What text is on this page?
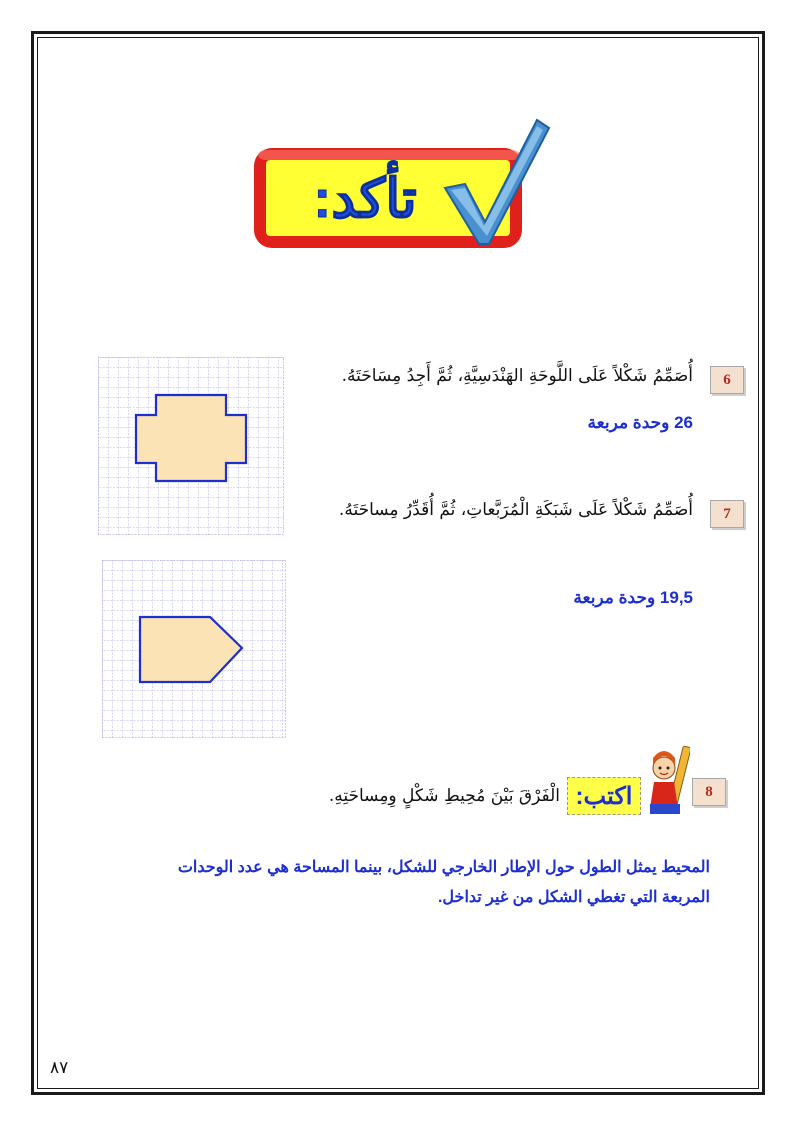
تأكد:
6
أُصَمِّمُ شَكْلاً عَلَى اللَّوحَةِ الهَنْدَسِيَّةِ، ثُمَّ أَجِدُ مِسَاحَتَهُ.
26 وحدة مربعة
7
أُصَمِّمُ شَكْلاً عَلَى شَبَكَةِ الْمُرَبَّعاتِ، ثُمَّ أُقَدِّرُ مِساحَتَهُ.
19,5 وحدة مربعة
8
اكتب:
الْفَرْقَ بَيْنَ مُحِيطِ شَكْلٍ وِمِساحَتِهِ.
المحيط يمثل الطول حول الإطار الخارجي للشكل، بينما المساحة هي عدد الوحدات
المربعة التي تغطي الشكل من غير تداخل.
٨٧
